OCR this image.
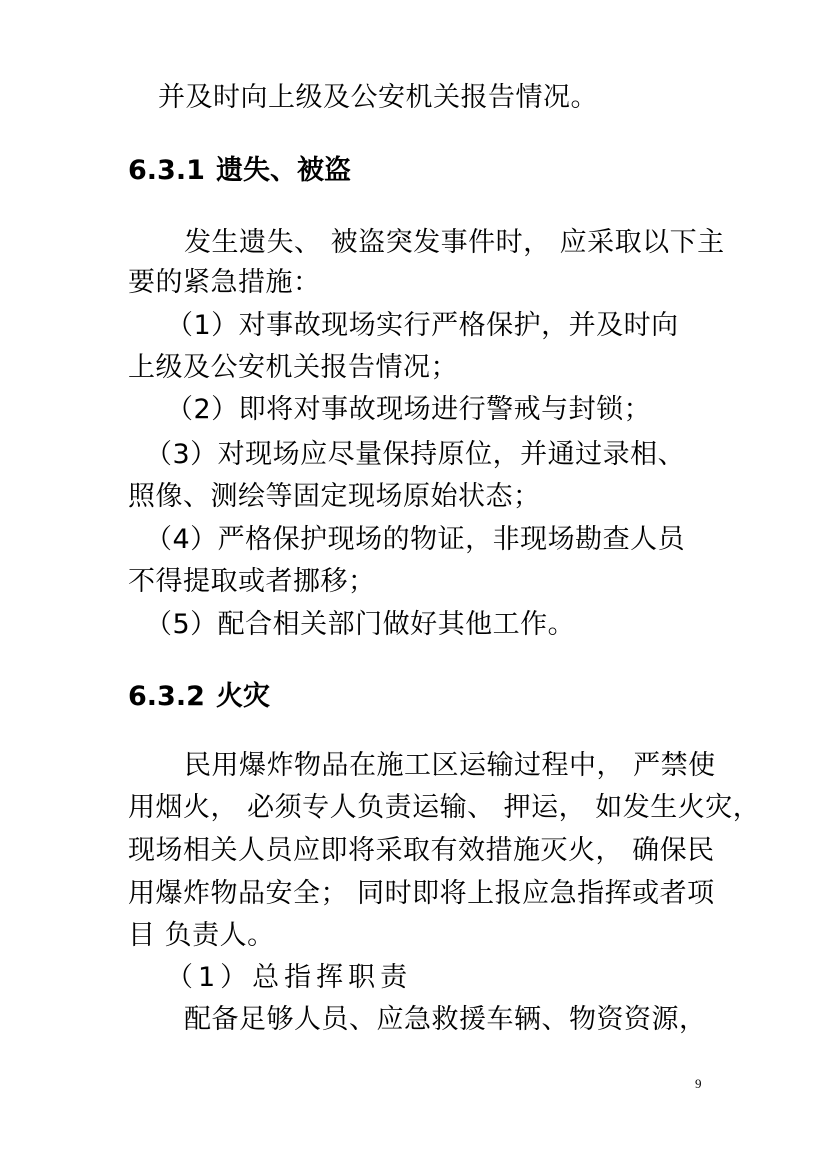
并及时向上级及公安机关报告情况。
6.3.1 遗失、被盗
发生遗失、 被盗突发事件时， 应采取以下主
要的紧急措施：
（1）对事故现场实行严格保护，并及时向
上级及公安机关报告情况；
（2）即将对事故现场进行警戒与封锁；
（3）对现场应尽量保持原位，并通过录相、
照像、测绘等固定现场原始状态；
（4）严格保护现场的物证，非现场勘查人员
不得提取或者挪移；
（5）配合相关部门做好其他工作。
6.3.2 火灾
民用爆炸物品在施工区运输过程中， 严禁使
用烟火， 必须专人负责运输、 押运， 如发生火灾，
现场相关人员应即将采取有效措施灭火， 确保民
用爆炸物品安全； 同时即将上报应急指挥或者项
目 负责人。
（1）总指挥职责
配备足够人员、应急救援车辆、物资资源，
9
